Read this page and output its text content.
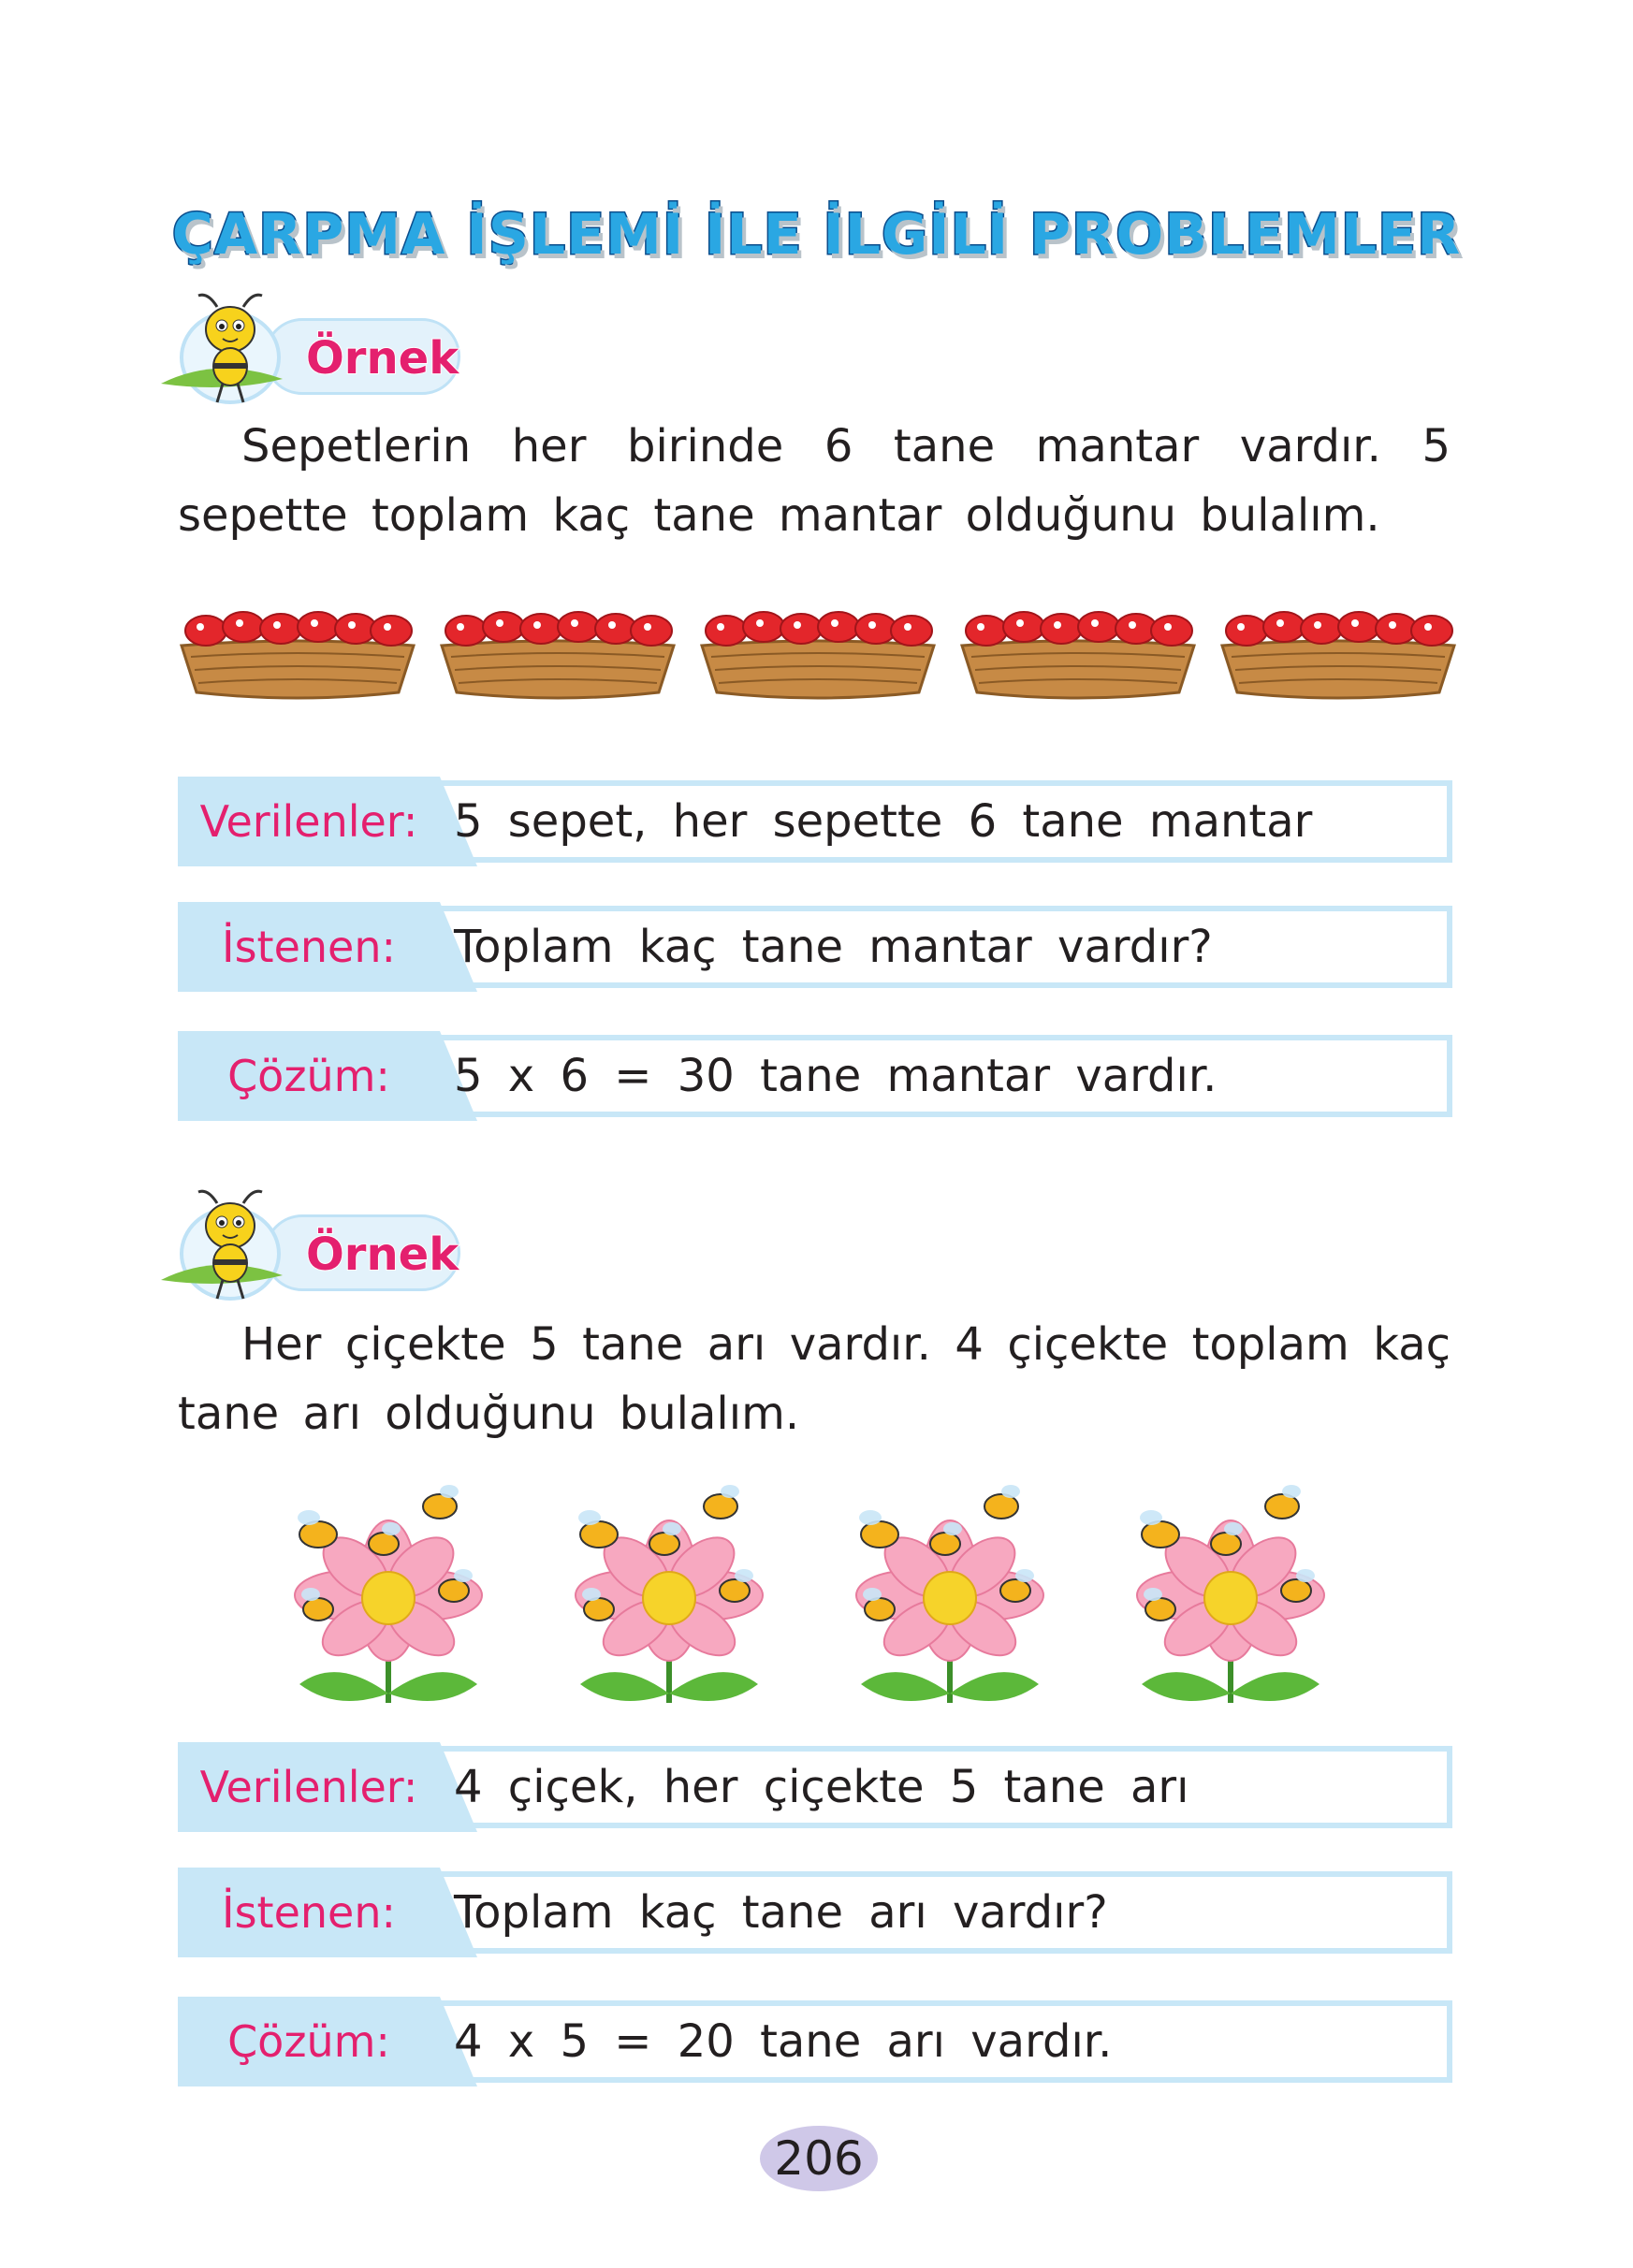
ÇARPMA İŞLEMİ İLE İLGİLİ PROBLEMLER
Örnek
Sepetlerin her birinde 6 tane mantar vardır. 5 sepette toplam kaç tane mantar olduğunu bulalım.
Verilenler: 5 sepet, her sepette 6 tane mantar
İstenen:	Toplam kaç tane mantar vardır?
Çözüm:	5 x 6 = 30 tane mantar vardır.
Örnek
Her çiçekte 5 tane arı vardır. 4 çiçekte toplam kaç tane arı olduğunu bulalım.
Verilenler: 4 çiçek, her çiçekte 5 tane arı
İstenen:	Toplam kaç tane arı vardır?
Çözüm:	4 x 5 = 20 tane arı vardır.
206
